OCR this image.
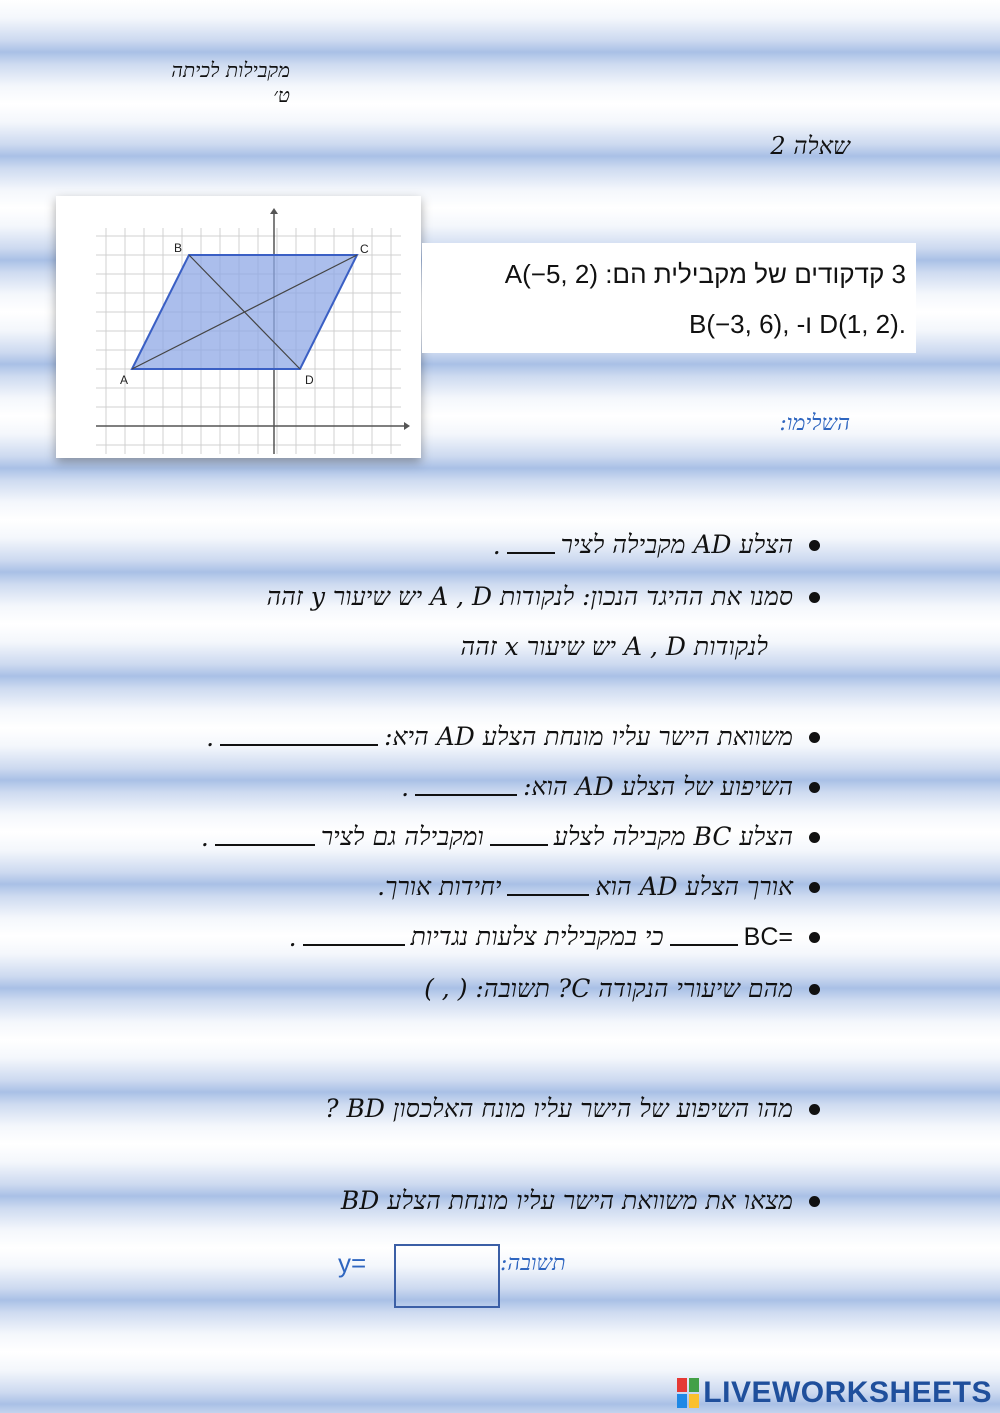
מקבילות לכיתה ט׳
שאלה 2
A
B	C
D
3 קדקודים של מקבילית הם: A(−5, 2)
.D(1, 2) ו- ,B(−3, 6)
השלימו:
הצלע AD מקבילה לציר
.
סמנו את ההיגד הנכון: לנקודות A , D יש שיעור y זהה
לנקודות A , D יש שיעור x זהה
משוואת הישר עליו מונחת הצלע AD היא:
.
השיפוע של הצלע AD הוא:
.
הצלע BC מקבילה לצלע
ומקבילה גם לציר
.
אורך הצלע AD הוא
יחידות אורך.
BC=
כי במקבילית צלעות נגדיות
.
מהם שיעורי הנקודה C? תשובה: ( , )
מהו השיפוע של הישר עליו מונח האלכסון BD ?
מצאו את משוואת הישר עליו מונחת הצלע BD
תשובה:
y=
LIVEWORKSHEETS
